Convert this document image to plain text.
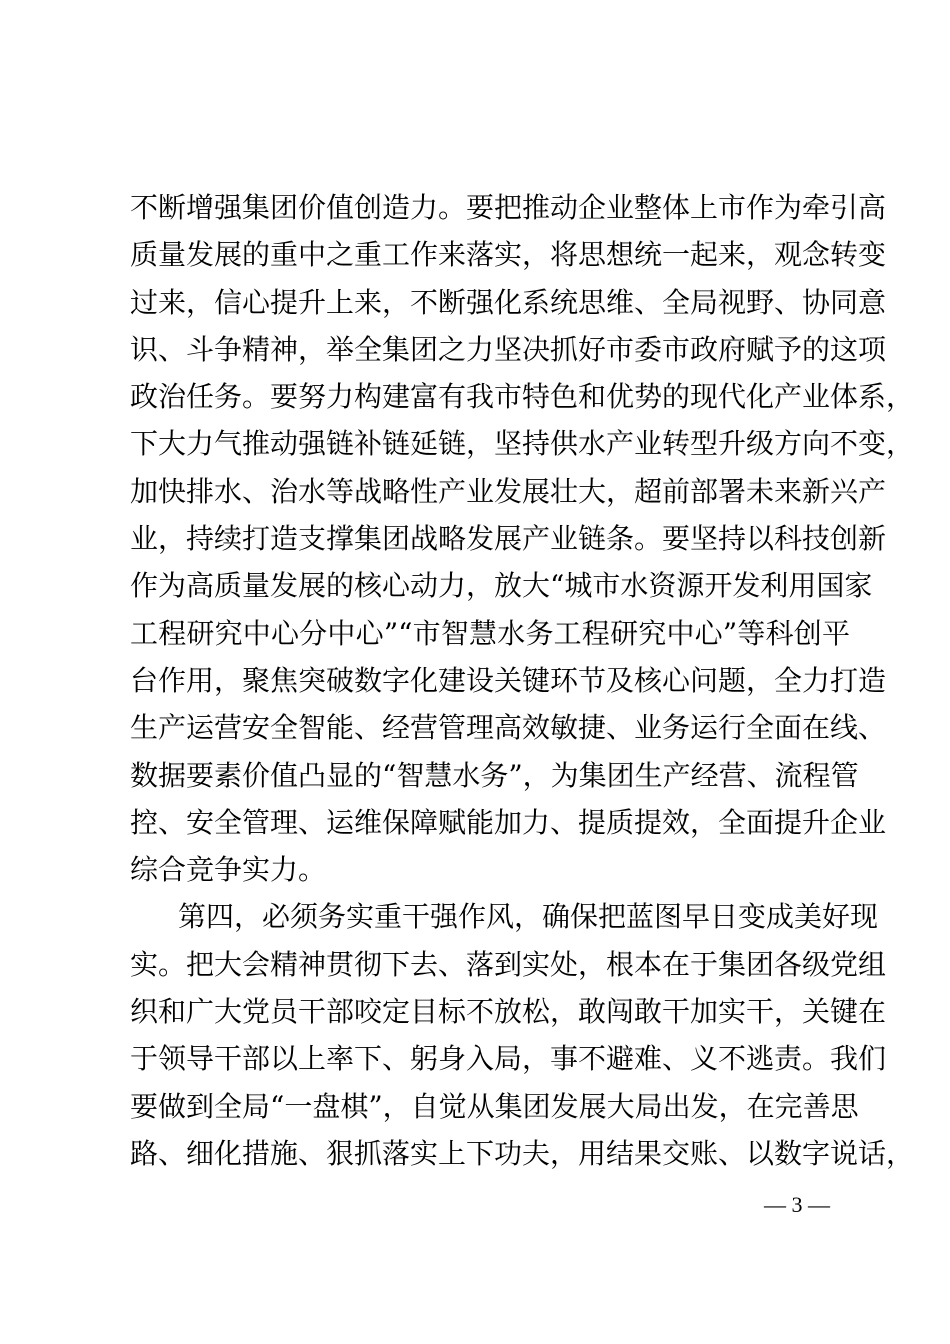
不断增强集团价值创造力。要把推动企业整体上市作为牵引高
质量发展的重中之重工作来落实，将思想统一起来，观念转变
过来，信心提升上来，不断强化系统思维、全局视野、协同意
识、斗争精神，举全集团之力坚决抓好市委市政府赋予的这项
政治任务。要努力构建富有我市特色和优势的现代化产业体系，
下大力气推动强链补链延链，坚持供水产业转型升级方向不变，
加快排水、治水等战略性产业发展壮大，超前部署未来新兴产
业，持续打造支撑集团战略发展产业链条。要坚持以科技创新
作为高质量发展的核心动力，放大“城市水资源开发利用国家
工程研究中心分中心”“市智慧水务工程研究中心”等科创平
台作用，聚焦突破数字化建设关键环节及核心问题，全力打造
生产运营安全智能、经营管理高效敏捷、业务运行全面在线、
数据要素价值凸显的“智慧水务”，为集团生产经营、流程管
控、安全管理、运维保障赋能加力、提质提效，全面提升企业
综合竞争实力。
第四，必须务实重干强作风，确保把蓝图早日变成美好现
实。把大会精神贯彻下去、落到实处，根本在于集团各级党组
织和广大党员干部咬定目标不放松，敢闯敢干加实干，关键在
于领导干部以上率下、躬身入局，事不避难、义不逃责。我们
要做到全局“一盘棋”，自觉从集团发展大局出发，在完善思
路、细化措施、狠抓落实上下功夫，用结果交账、以数字说话，
— 3 —
